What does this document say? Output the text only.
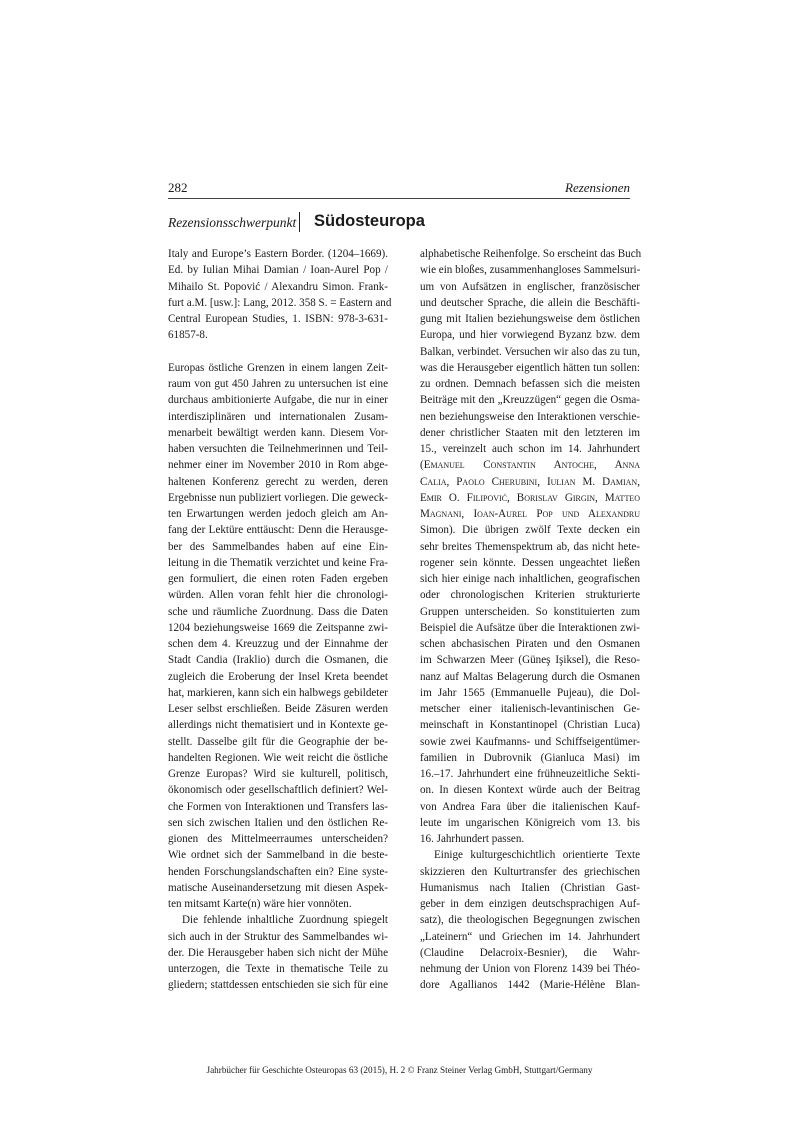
282	Rezensionen
Rezensionsschwerpunkt Südosteuropa
Italy and Europe’s Eastern Border. (1204–1669).
Ed. by Iulian Mihai Damian / Ioan-Aurel Pop /
Mihailo St. Popović / Alexandru Simon. Frank-
furt a.M. [usw.]: Lang, 2012. 358 S. = Eastern and
Central European Studies, 1. ISBN: 978-3-631-
61857-8.
Europas östliche Grenzen in einem langen Zeit-
raum von gut 450 Jahren zu untersuchen ist eine
durchaus ambitionierte Aufgabe, die nur in einer
interdisziplinären und internationalen Zusam-
menarbeit bewältigt werden kann. Diesem Vor-
haben versuchten die Teilnehmerinnen und Teil-
nehmer einer im November 2010 in Rom abge-
haltenen Konferenz gerecht zu werden, deren
Ergebnisse nun publiziert vorliegen. Die geweck-
ten Erwartungen werden jedoch gleich am An-
fang der Lektüre enttäuscht: Denn die Herausge-
ber des Sammelbandes haben auf eine Ein-
leitung in die Thematik verzichtet und keine Fra-
gen formuliert, die einen roten Faden ergeben
würden. Allen voran fehlt hier die chronologi-
sche und räumliche Zuordnung. Dass die Daten
1204 beziehungsweise 1669 die Zeitspanne zwi-
schen dem 4. Kreuzzug und der Einnahme der
Stadt Candia (Iraklio) durch die Osmanen, die
zugleich die Eroberung der Insel Kreta beendet
hat, markieren, kann sich ein halbwegs gebildeter
Leser selbst erschließen. Beide Zäsuren werden
allerdings nicht thematisiert und in Kontexte ge-
stellt. Dasselbe gilt für die Geographie der be-
handelten Regionen. Wie weit reicht die östliche
Grenze Europas? Wird sie kulturell, politisch,
ökonomisch oder gesellschaftlich definiert? Wel-
che Formen von Interaktionen und Transfers las-
sen sich zwischen Italien und den östlichen Re-
gionen des Mittelmeerraumes unterscheiden?
Wie ordnet sich der Sammelband in die beste-
henden Forschungslandschaften ein? Eine syste-
matische Auseinandersetzung mit diesen Aspek-
ten mitsamt Karte(n) wäre hier vonnöten.
Die fehlende inhaltliche Zuordnung spiegelt
sich auch in der Struktur des Sammelbandes wi-
der. Die Herausgeber haben sich nicht der Mühe
unterzogen, die Texte in thematische Teile zu
gliedern; stattdessen entschieden sie sich für eine
alphabetische Reihenfolge. So erscheint das Buch
wie ein bloßes, zusammenhangloses Sammelsuri-
um von Aufsätzen in englischer, französischer
und deutscher Sprache, die allein die Beschäfti-
gung mit Italien beziehungsweise dem östlichen
Europa, und hier vorwiegend Byzanz bzw. dem
Balkan, verbindet. Versuchen wir also das zu tun,
was die Herausgeber eigentlich hätten tun sollen:
zu ordnen. Demnach befassen sich die meisten
Beiträge mit den „Kreuzzügen“ gegen die Osma-
nen beziehungsweise den Interaktionen verschie-
dener christlicher Staaten mit den letzteren im
15., vereinzelt auch schon im 14. Jahrhundert
(Emanuel Constantin Antoche, Anna
Calia, Paolo Cherubini, Iulian M. Damian,
Emir O. Filipović, Borislav Girgin, Matteo
Magnani, Ioan-Aurel Pop und Alexandru
Simon). Die übrigen zwölf Texte decken ein
sehr breites Themenspektrum ab, das nicht hete-
rogener sein könnte. Dessen ungeachtet ließen
sich hier einige nach inhaltlichen, geografischen
oder chronologischen Kriterien strukturierte
Gruppen unterscheiden. So konstituierten zum
Beispiel die Aufsätze über die Interaktionen zwi-
schen abchasischen Piraten und den Osmanen
im Schwarzen Meer (Güneş Işiksel), die Reso-
nanz auf Maltas Belagerung durch die Osmanen
im Jahr 1565 (Emmanuelle Pujeau), die Dol-
metscher einer italienisch-levantinischen Ge-
meinschaft in Konstantinopel (Christian Luca)
sowie zwei Kaufmanns- und Schiffseigentümer-
familien in Dubrovnik (Gianluca Masi) im
16.–17. Jahrhundert eine frühneuzeitliche Sekti-
on. In diesen Kontext würde auch der Beitrag
von Andrea Fara über die italienischen Kauf-
leute im ungarischen Königreich vom 13. bis
16. Jahrhundert passen.
Einige kulturgeschichtlich orientierte Texte
skizzieren den Kulturtransfer des griechischen
Humanismus nach Italien (Christian Gast-
geber in dem einzigen deutschsprachigen Auf-
satz), die theologischen Begegnungen zwischen
„Lateinern“ und Griechen im 14. Jahrhundert
(Claudine Delacroix-Besnier), die Wahr-
nehmung der Union von Florenz 1439 bei Théo-
dore Agallianos 1442 (Marie-Hélène Blan-
Jahrbücher für Geschichte Osteuropas 63 (2015), H. 2 © Franz Steiner Verlag GmbH, Stuttgart/Germany
